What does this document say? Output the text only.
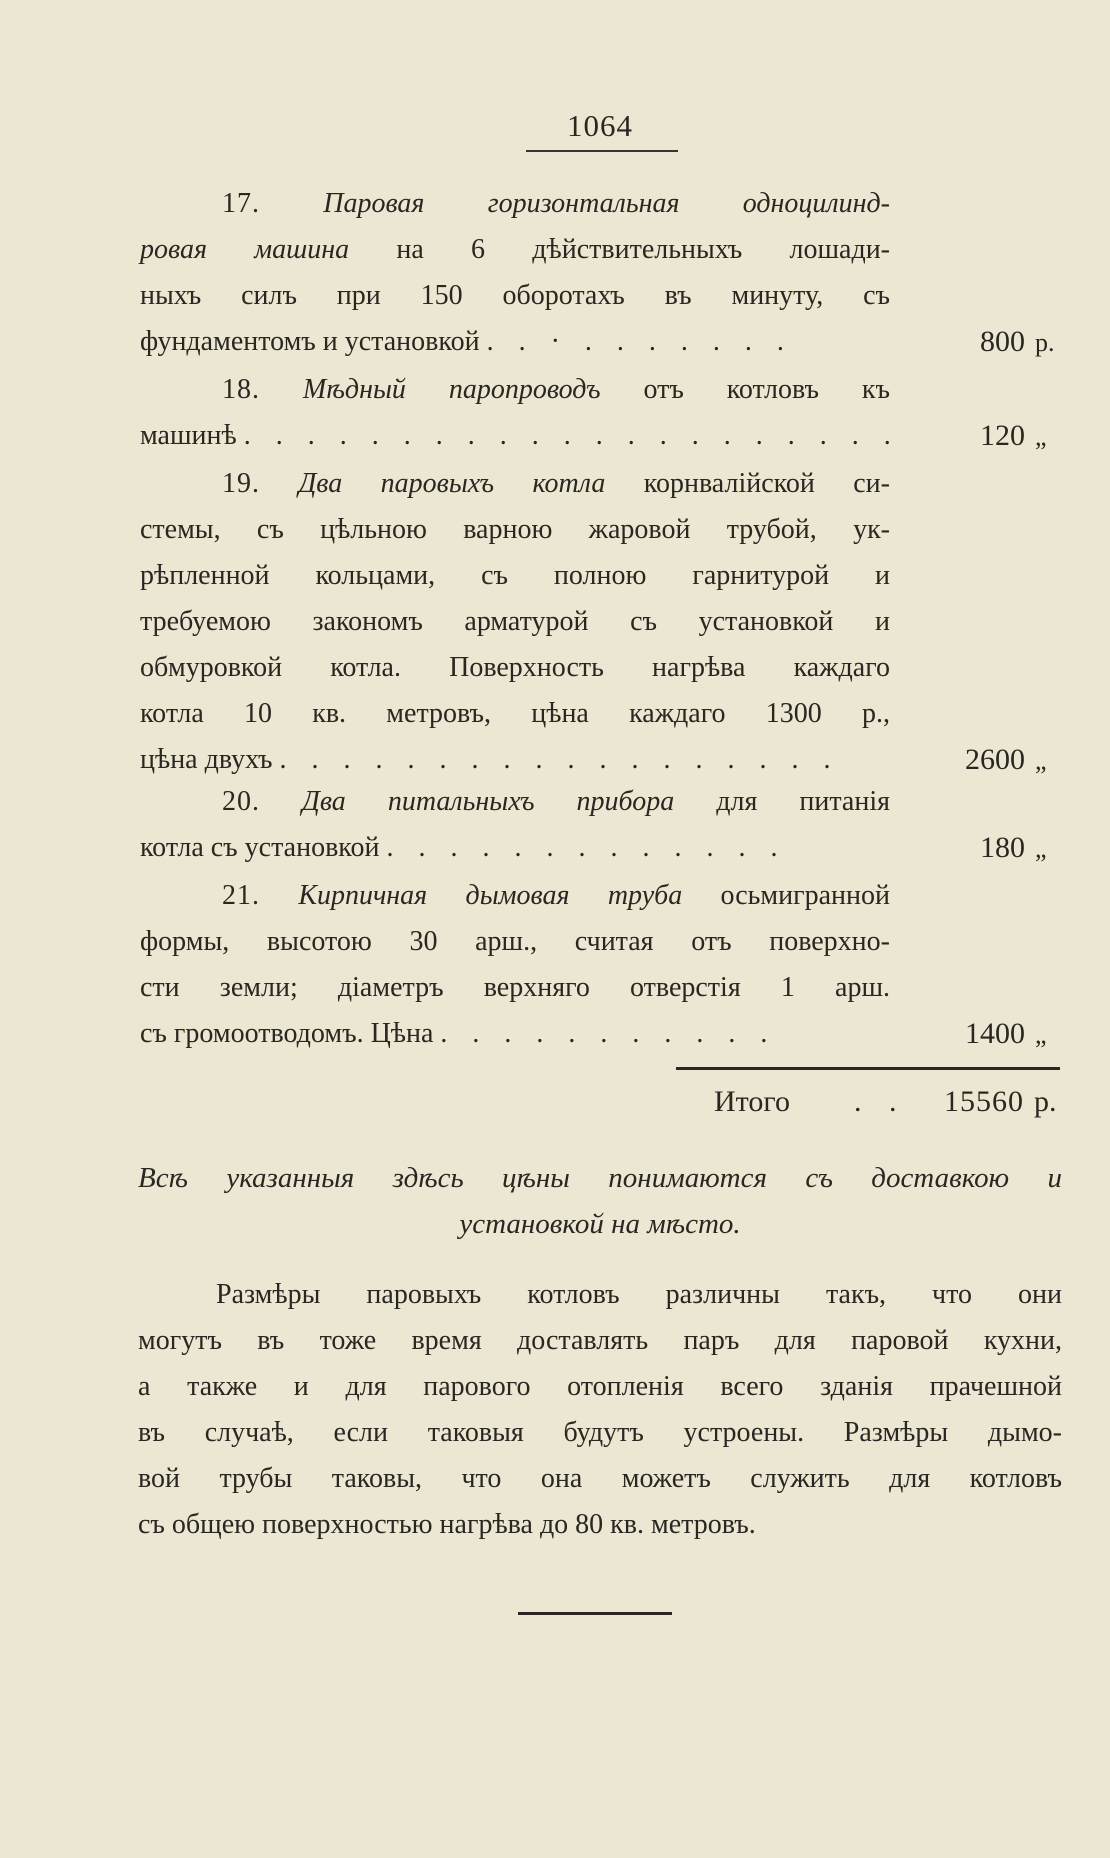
1064
17. Паровая горизонтальная одноцилинд-
ровая машина на 6 дѣйствительныхъ лошади-
ныхъ силъ при 150 оборотахъ въ минуту, съ
фундаментомъ и установкой . . · . . . . . . .	800 р.
18. Мѣдный паропроводъ отъ котловъ къ
машинѣ . . . . . . . . . . . . . . . . . . . . .	120 „
19. Два паровыхъ котла корнвалійской си-
стемы, съ цѣльною варною жаровой трубой, ук-
рѣпленной кольцами, съ полною гарнитурой и
требуемою закономъ арматурой съ установкой и
обмуровкой котла. Поверхность нагрѣва каждаго
котла 10 кв. метровъ, цѣна каждаго 1300 р.,
цѣна двухъ . . . . . . . . . . . . . . . . . .	2600 „
20. Два питальныхъ прибора для питанія
котла съ установкой . . . . . . . . . . . . .	180 „
21. Кирпичная дымовая труба осьмигранной
формы, высотою 30 арш., считая отъ поверхно-
сти земли; діаметръ верхняго отверстія 1 арш.
съ громоотводомъ. Цѣна . . . . . . . . . . .	1400 „
Итого . . 15560 р.
Всѣ указанныя здѣсь цѣны понимаются съ доставкою и
установкой на мѣсто.
Размѣры паровыхъ котловъ различны такъ, что они
могутъ въ тоже время доставлять паръ для паровой кухни,
а также и для парового отопленія всего зданія прачешной
въ случаѣ, если таковыя будутъ устроены. Размѣры дымо-
вой трубы таковы, что она можетъ служить для котловъ
съ общею поверхностью нагрѣва до 80 кв. метровъ.
